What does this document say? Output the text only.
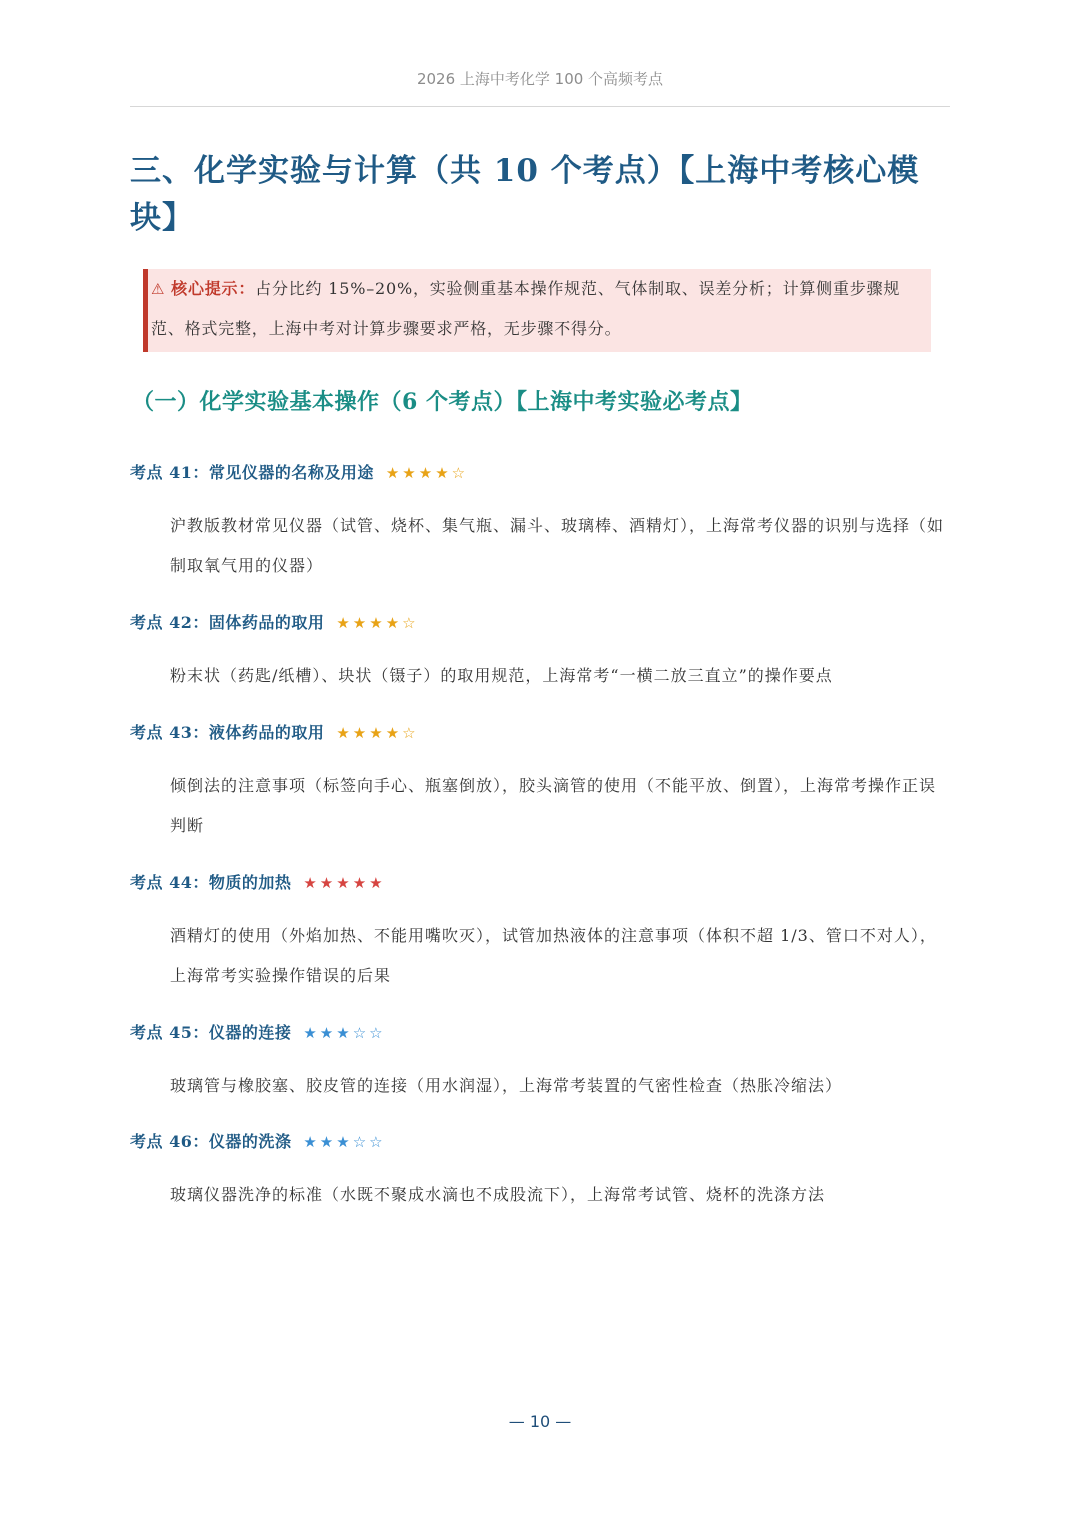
2026 上海中考化学 100 个高频考点
三、化学实验与计算（共 10 个考点）【上海中考核心模块】
⚠ 核心提示：占分比约 15%–20%，实验侧重基本操作规范、气体制取、误差分析；计算侧重步骤规范、格式完整，上海中考对计算步骤要求严格，无步骤不得分。
（一）化学实验基本操作（6 个考点）【上海中考实验必考点】
考点 41：常见仪器的名称及用途 ★★★★☆
沪教版教材常见仪器（试管、烧杯、集气瓶、漏斗、玻璃棒、酒精灯），上海常考仪器的识别与选择（如制取氧气用的仪器）
考点 42：固体药品的取用 ★★★★☆
粉末状（药匙/纸槽）、块状（镊子）的取用规范，上海常考“一横二放三直立”的操作要点
考点 43：液体药品的取用 ★★★★☆
倾倒法的注意事项（标签向手心、瓶塞倒放），胶头滴管的使用（不能平放、倒置），上海常考操作正误判断
考点 44：物质的加热 ★★★★★
酒精灯的使用（外焰加热、不能用嘴吹灭），试管加热液体的注意事项（体积不超 1/3、管口不对人），上海常考实验操作错误的后果
考点 45：仪器的连接 ★★★☆☆
玻璃管与橡胶塞、胶皮管的连接（用水润湿），上海常考装置的气密性检查（热胀冷缩法）
考点 46：仪器的洗涤 ★★★☆☆
玻璃仪器洗净的标准（水既不聚成水滴也不成股流下），上海常考试管、烧杯的洗涤方法
— 10 —
